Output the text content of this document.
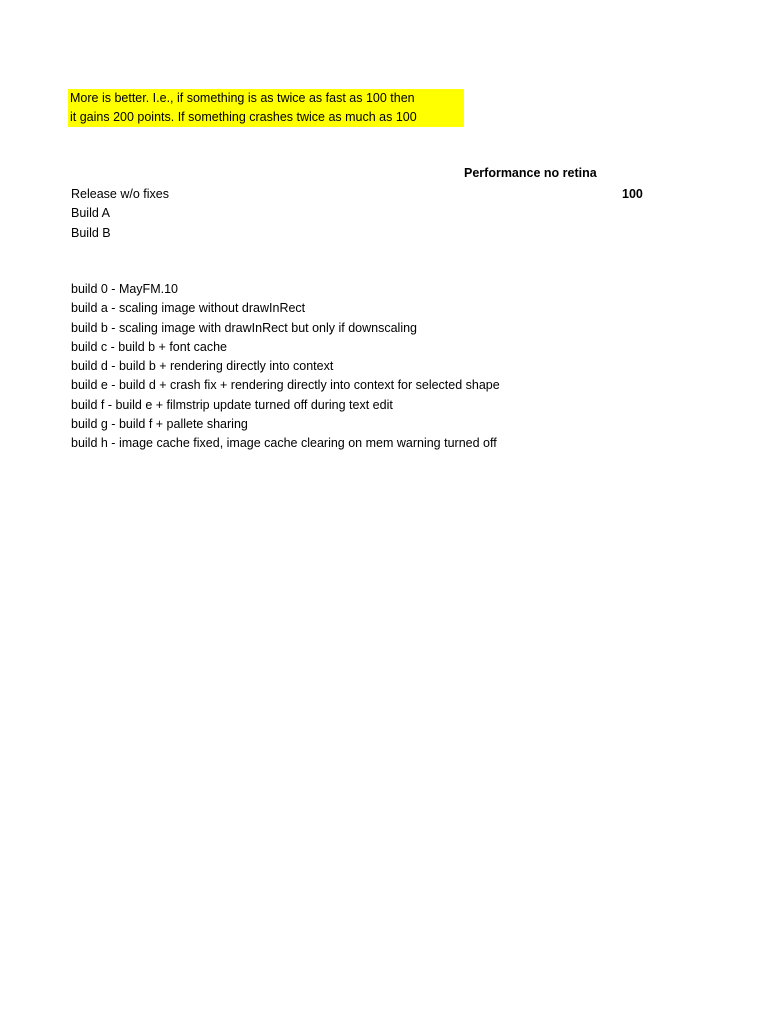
More is better. I.e., if something is as twice as fast as 100 then
it gains 200 points. If something crashes twice as much as 100
Performance no retina
Release w/o fixes	100
Build A
Build B
build 0 - MayFM.10
build a - scaling image without drawInRect
build b - scaling image with drawInRect but only if downscaling
build c - build b + font cache
build d - build b + rendering directly into context
build e - build d + crash fix + rendering directly into context for selected shape
build f - build e + filmstrip update turned off during text edit
build g - build f + pallete sharing
build h - image cache fixed, image cache clearing on mem warning turned off
